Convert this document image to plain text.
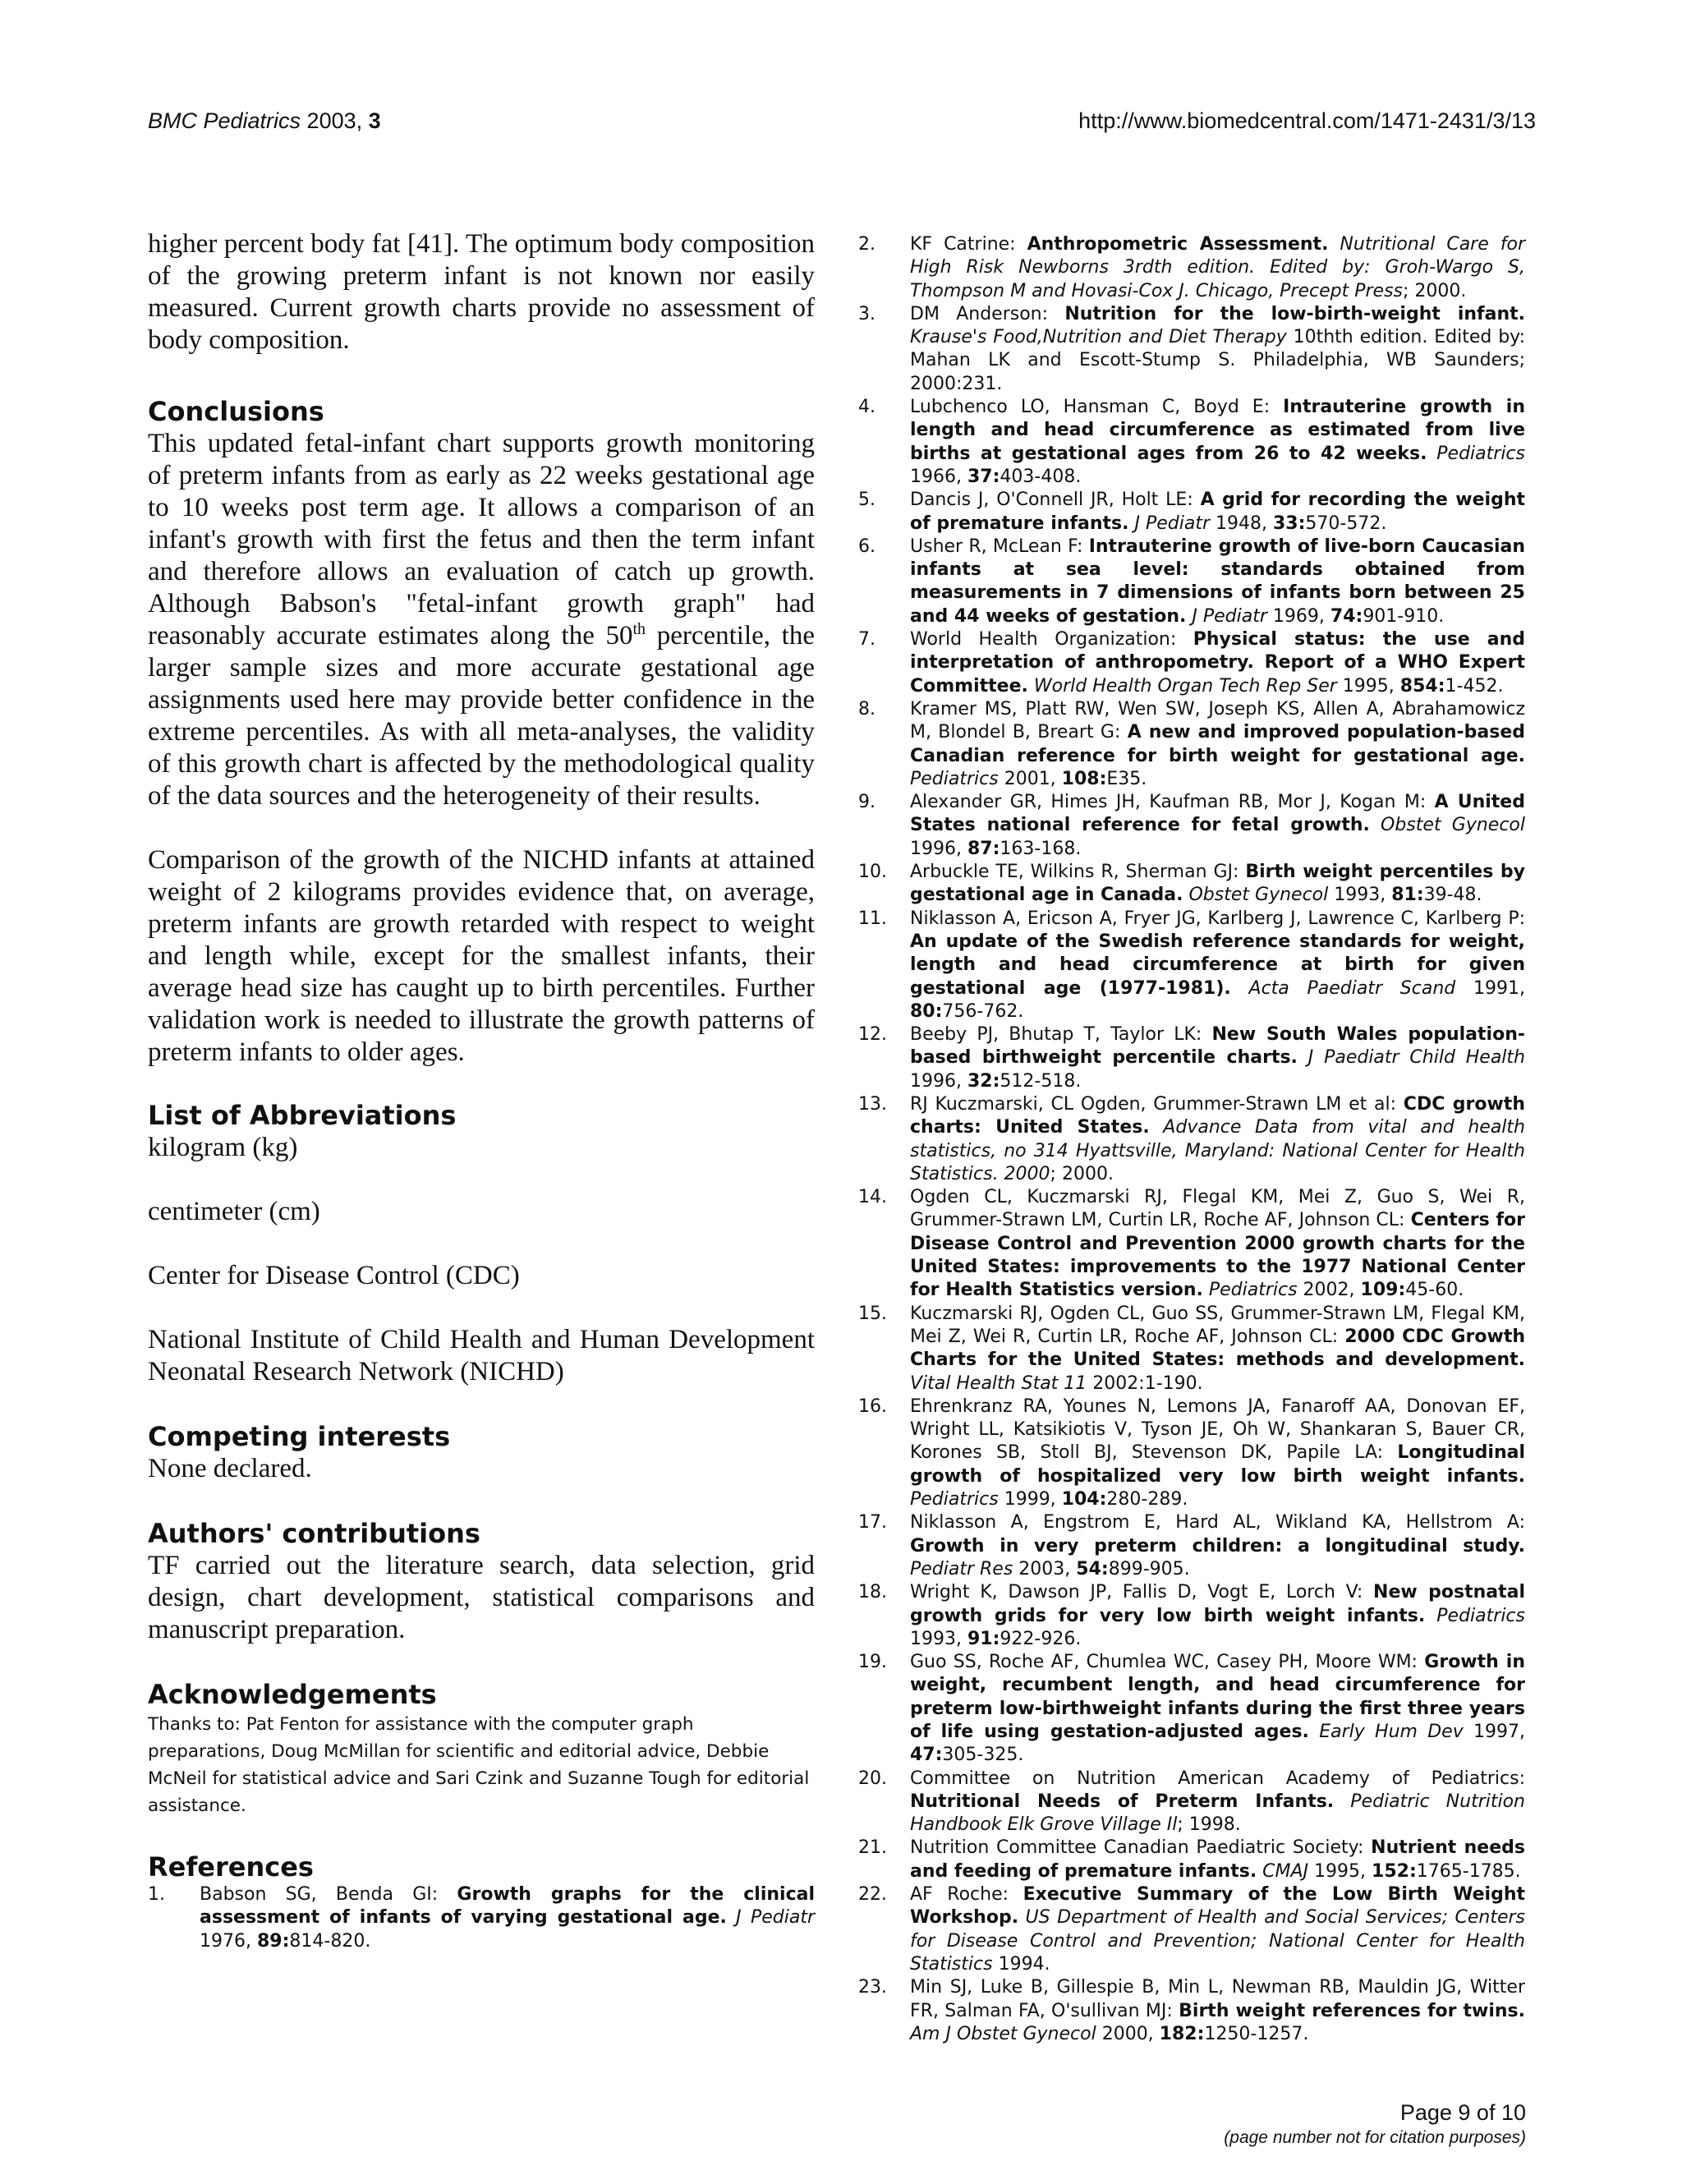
BMC Pediatrics 2003, 3	http://www.biomedcentral.com/1471-2431/3/13

higher percent body fat [41]. The optimum body composition of the growing preterm infant is not known nor easily measured. Current growth charts provide no assessment of body composition.

Conclusions

This updated fetal-infant chart supports growth monitoring of preterm infants from as early as 22 weeks gestational age to 10 weeks post term age. It allows a comparison of an infant's growth with first the fetus and then the term infant and therefore allows an evaluation of catch up growth. Although Babson's "fetal-infant growth graph" had reasonably accurate estimates along the 50th percentile, the larger sample sizes and more accurate gestational age assignments used here may provide better confidence in the extreme percentiles. As with all meta-analyses, the validity of this growth chart is affected by the methodological quality of the data sources and the heterogeneity of their results.

Comparison of the growth of the NICHD infants at attained weight of 2 kilograms provides evidence that, on average, preterm infants are growth retarded with respect to weight and length while, except for the smallest infants, their average head size has caught up to birth percentiles. Further validation work is needed to illustrate the growth patterns of preterm infants to older ages.

List of Abbreviations

kilogram (kg)

centimeter (cm)

Center for Disease Control (CDC)

National Institute of Child Health and Human Development Neonatal Research Network (NICHD)

Competing interests

None declared.

Authors' contributions

TF carried out the literature search, data selection, grid design, chart development, statistical comparisons and manuscript preparation.

Acknowledgements

Thanks to: Pat Fenton for assistance with the computer graph preparations, Doug McMillan for scientific and editorial advice, Debbie McNeil for statistical advice and Sari Czink and Suzanne Tough for editorial assistance.

References
1. Babson SG, Benda GI: Growth graphs for the clinical assessment of infants of varying gestational age. J Pediatr 1976, 89:814-820.
2. KF Catrine: Anthropometric Assessment. Nutritional Care for High Risk Newborns 3rdth edition. Edited by: Groh-Wargo S, Thompson M and Hovasi-Cox J. Chicago, Precept Press; 2000.
3. DM Anderson: Nutrition for the low-birth-weight infant. Krause's Food,Nutrition and Diet Therapy 10thth edition. Edited by: Mahan LK and Escott-Stump S. Philadelphia, WB Saunders; 2000:231.
4. Lubchenco LO, Hansman C, Boyd E: Intrauterine growth in length and head circumference as estimated from live births at gestational ages from 26 to 42 weeks. Pediatrics 1966, 37:403-408.
5. Dancis J, O'Connell JR, Holt LE: A grid for recording the weight of premature infants. J Pediatr 1948, 33:570-572.
6. Usher R, McLean F: Intrauterine growth of live-born Caucasian infants at sea level: standards obtained from measurements in 7 dimensions of infants born between 25 and 44 weeks of gestation. J Pediatr 1969, 74:901-910.
7. World Health Organization: Physical status: the use and interpretation of anthropometry. Report of a WHO Expert Committee. World Health Organ Tech Rep Ser 1995, 854:1-452.
8. Kramer MS, Platt RW, Wen SW, Joseph KS, Allen A, Abrahamowicz M, Blondel B, Breart G: A new and improved population-based Canadian reference for birth weight for gestational age. Pediatrics 2001, 108:E35.
9. Alexander GR, Himes JH, Kaufman RB, Mor J, Kogan M: A United States national reference for fetal growth. Obstet Gynecol 1996, 87:163-168.
10. Arbuckle TE, Wilkins R, Sherman GJ: Birth weight percentiles by gestational age in Canada. Obstet Gynecol 1993, 81:39-48.
11. Niklasson A, Ericson A, Fryer JG, Karlberg J, Lawrence C, Karlberg P: An update of the Swedish reference standards for weight, length and head circumference at birth for given gestational age (1977-1981). Acta Paediatr Scand 1991, 80:756-762.
12. Beeby PJ, Bhutap T, Taylor LK: New South Wales population-based birthweight percentile charts. J Paediatr Child Health 1996, 32:512-518.
13. RJ Kuczmarski, CL Ogden, Grummer-Strawn LM et al: CDC growth charts: United States. Advance Data from vital and health statistics, no 314 Hyattsville, Maryland: National Center for Health Statistics. 2000; 2000.
14. Ogden CL, Kuczmarski RJ, Flegal KM, Mei Z, Guo S, Wei R, Grummer-Strawn LM, Curtin LR, Roche AF, Johnson CL: Centers for Disease Control and Prevention 2000 growth charts for the United States: improvements to the 1977 National Center for Health Statistics version. Pediatrics 2002, 109:45-60.
15. Kuczmarski RJ, Ogden CL, Guo SS, Grummer-Strawn LM, Flegal KM, Mei Z, Wei R, Curtin LR, Roche AF, Johnson CL: 2000 CDC Growth Charts for the United States: methods and development. Vital Health Stat 11 2002:1-190.
16. Ehrenkranz RA, Younes N, Lemons JA, Fanaroff AA, Donovan EF, Wright LL, Katsikiotis V, Tyson JE, Oh W, Shankaran S, Bauer CR, Korones SB, Stoll BJ, Stevenson DK, Papile LA: Longitudinal growth of hospitalized very low birth weight infants. Pediatrics 1999, 104:280-289.
17. Niklasson A, Engstrom E, Hard AL, Wikland KA, Hellstrom A: Growth in very preterm children: a longitudinal study. Pediatr Res 2003, 54:899-905.
18. Wright K, Dawson JP, Fallis D, Vogt E, Lorch V: New postnatal growth grids for very low birth weight infants. Pediatrics 1993, 91:922-926.
19. Guo SS, Roche AF, Chumlea WC, Casey PH, Moore WM: Growth in weight, recumbent length, and head circumference for preterm low-birthweight infants during the first three years of life using gestation-adjusted ages. Early Hum Dev 1997, 47:305-325.
20. Committee on Nutrition American Academy of Pediatrics: Nutritional Needs of Preterm Infants. Pediatric Nutrition Handbook Elk Grove Village Il; 1998.
21. Nutrition Committee Canadian Paediatric Society: Nutrient needs and feeding of premature infants. CMAJ 1995, 152:1765-1785.
22. AF Roche: Executive Summary of the Low Birth Weight Workshop. US Department of Health and Social Services; Centers for Disease Control and Prevention; National Center for Health Statistics 1994.
23. Min SJ, Luke B, Gillespie B, Min L, Newman RB, Mauldin JG, Witter FR, Salman FA, O'sullivan MJ: Birth weight references for twins. Am J Obstet Gynecol 2000, 182:1250-1257.
Page 9 of 10
(page number not for citation purposes)
